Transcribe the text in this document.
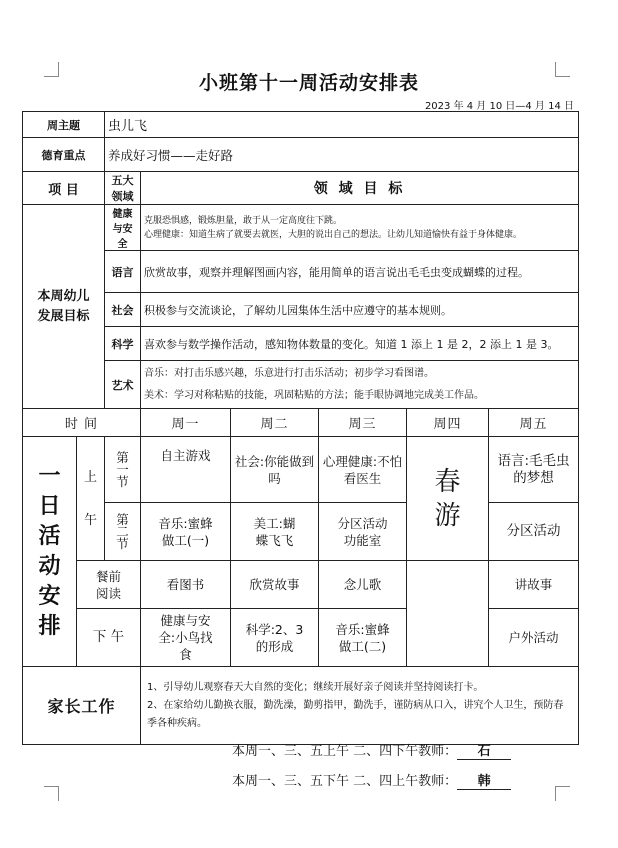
小班第十一周活动安排表
2023 年 4 月 10 日—4 月 14 日
周主题		虫儿飞					
德育重点		养成好习惯——走好路					
项 目		五大领域	领 域 目 标				
本周幼儿发展目标		健康与安全	克服恐惧感，锻炼胆量，敢于从一定高度往下跳。
心理健康：知道生病了就要去就医，大胆的说出自己的想法。让幼儿知道愉快有益于身体健康。				

		语言	欣赏故事，观察并理解图画内容，能用简单的语言说出毛毛虫变成蝴蝶的过程。				
		社会	积极参与交流谈论，了解幼儿园集体生活中应遵守的基本规则。				
		科学	喜欢参与数学操作活动，感知物体数量的变化。知道 1 添上 1 是 2，2 添上 1 是 3。				
		艺术	音乐：对打击乐感兴趣，乐意进行打击乐活动；初步学习看图谱。
美术：学习对称粘贴的技能，巩固粘贴的方法；能手眼协调地完成美工作品。				

时 间			周一	周二	周三	周四	周五
一日活动安排	上
午	第一节	自主游戏	社会:你能做到吗	心理健康:不怕看医生	春游	语言:毛毛虫的梦想
		第二节	音乐:蜜蜂做工(一)	美工:蝴蝶飞飞	分区活动功能室		分区活动
	餐前阅读		看图书	欣赏故事	念儿歌		讲故事
	下 午		健康与安全:小鸟找食	科学:2、3 的形成	音乐:蜜蜂做工(二)		户外活动
家长工作			1、引导幼儿观察春天大自然的变化；继续开展好亲子阅读并坚持阅读打卡。
2、在家给幼儿勤换衣服，勤洗澡，勤剪指甲，勤洗手，谨防病从口入，讲究个人卫生，预防春季各种疾病。				
本周一、三、五上午 二、四下午教师： 石
本周一、三、五下午 二、四上午教师： 韩
